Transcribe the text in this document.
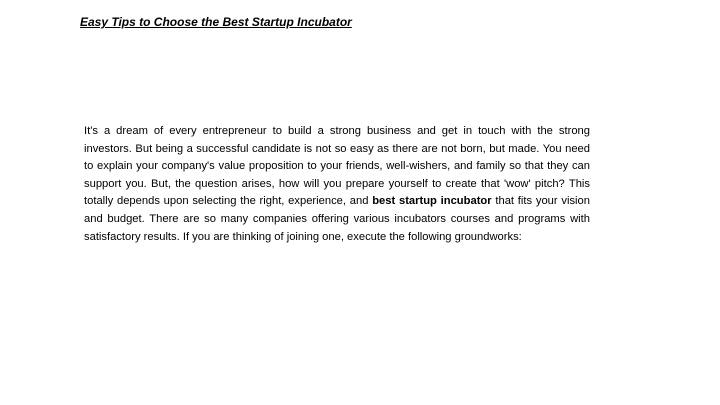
Easy Tips to Choose the Best Startup Incubator

It's a dream of every entrepreneur to build a strong business and get in touch with the strong investors. But being a successful candidate is not so easy as there are not born, but made. You need to explain your company's value proposition to your friends, well-wishers, and family so that they can support you. But, the question arises, how will you prepare yourself to create that 'wow' pitch? This totally depends upon selecting the right, experience, and best startup incubator that fits your vision and budget. There are so many companies offering various incubators courses and programs with satisfactory results. If you are thinking of joining one, execute the following groundworks:
